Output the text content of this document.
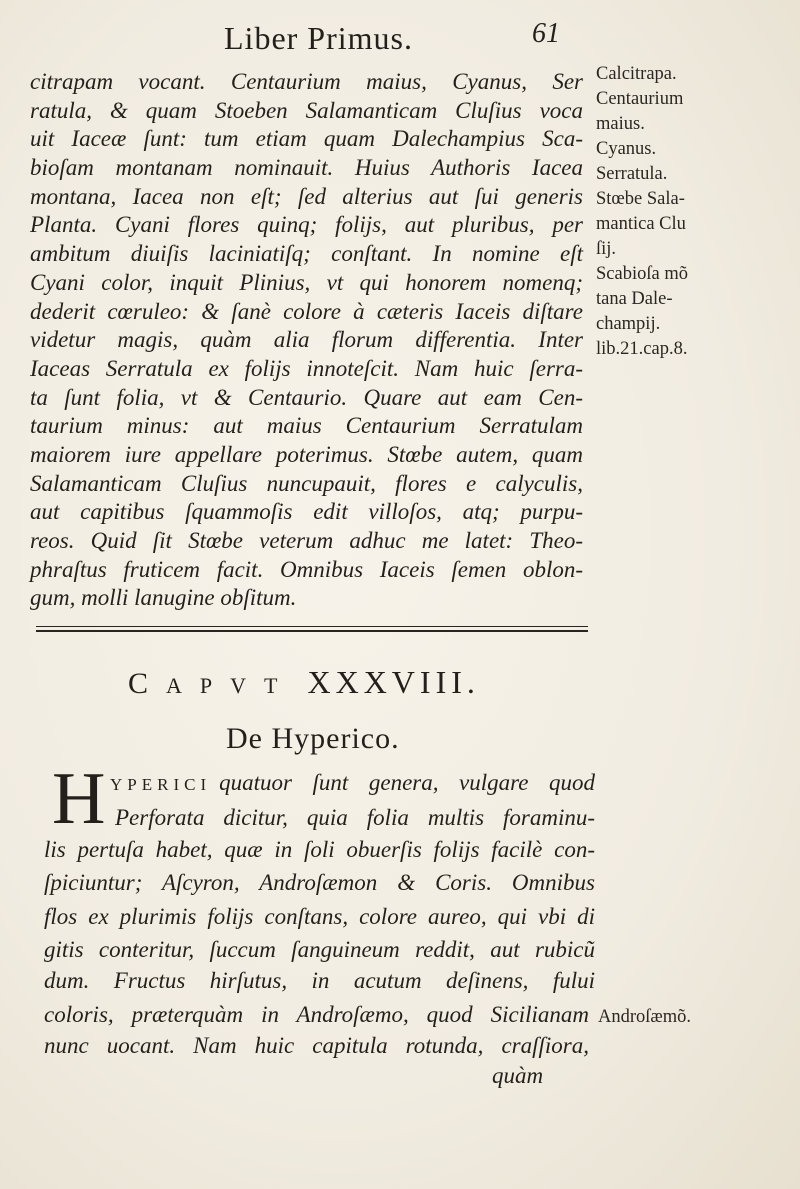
Liber Primus.	61
citrapam vocant. Centaurium maius, Cyanus, Ser
ratula, & quam Stoeben Salamanticam Cluſius voca
uit Iaceæ ſunt: tum etiam quam Dalechampius Sca-
bioſam montanam nominauit. Huius Authoris Iacea
montana, Iacea non eſt; ſed alterius aut ſui generis
Planta. Cyani flores quinq; folijs, aut pluribus, per
ambitum diuiſis laciniatiſq; conſtant. In nomine eſt
Cyani color, inquit Plinius, vt qui honorem nomenq;
dederit cœruleo: & ſanè colore à cæteris Iaceis diſtare
videtur magis, quàm alia florum differentia. Inter
Iaceas Serratula ex folijs innoteſcit. Nam huic ſerra-
ta ſunt folia, vt & Centaurio. Quare aut eam Cen-
taurium minus: aut maius Centaurium Serratulam
maiorem iure appellare poterimus. Stœbe autem, quam
Salamanticam Cluſius nuncupauit, flores e calyculis,
aut capitibus ſquammoſis edit villoſos, atq; purpu-
reos. Quid ſit Stœbe veterum adhuc me latet: Theo-
phraſtus fruticem facit. Omnibus Iaceis ſemen oblon-
gum, molli lanugine obſitum.
Calcitrapa.
Centaurium
maius.
Cyanus.
Serratula.
Stœbe Sala-
mantica Clu
ſij.
Scabioſa mõ
tana Dale-
champij.
lib.21.cap.8.
CAPVT XXXVIII.
De Hyperico.
H YPERICI quatuor ſunt genera, vulgare quod
Perforata dicitur, quia folia multis foraminu-
lis pertuſa habet, quæ in ſoli obuerſis folijs facilè con-
ſpiciuntur; Aſcyron, Androſæmon & Coris. Omnibus
flos ex plurimis folijs conſtans, colore aureo, qui vbi di
gitis conteritur, ſuccum ſanguineum reddit, aut rubicũ
dum. Fructus hirſutus, in acutum deſinens, fului
coloris, præterquàm in Androſæmo, quod Sicilianam
nunc uocant. Nam huic capitula rotunda, craſſiora,
quàm
Androſæmõ.
